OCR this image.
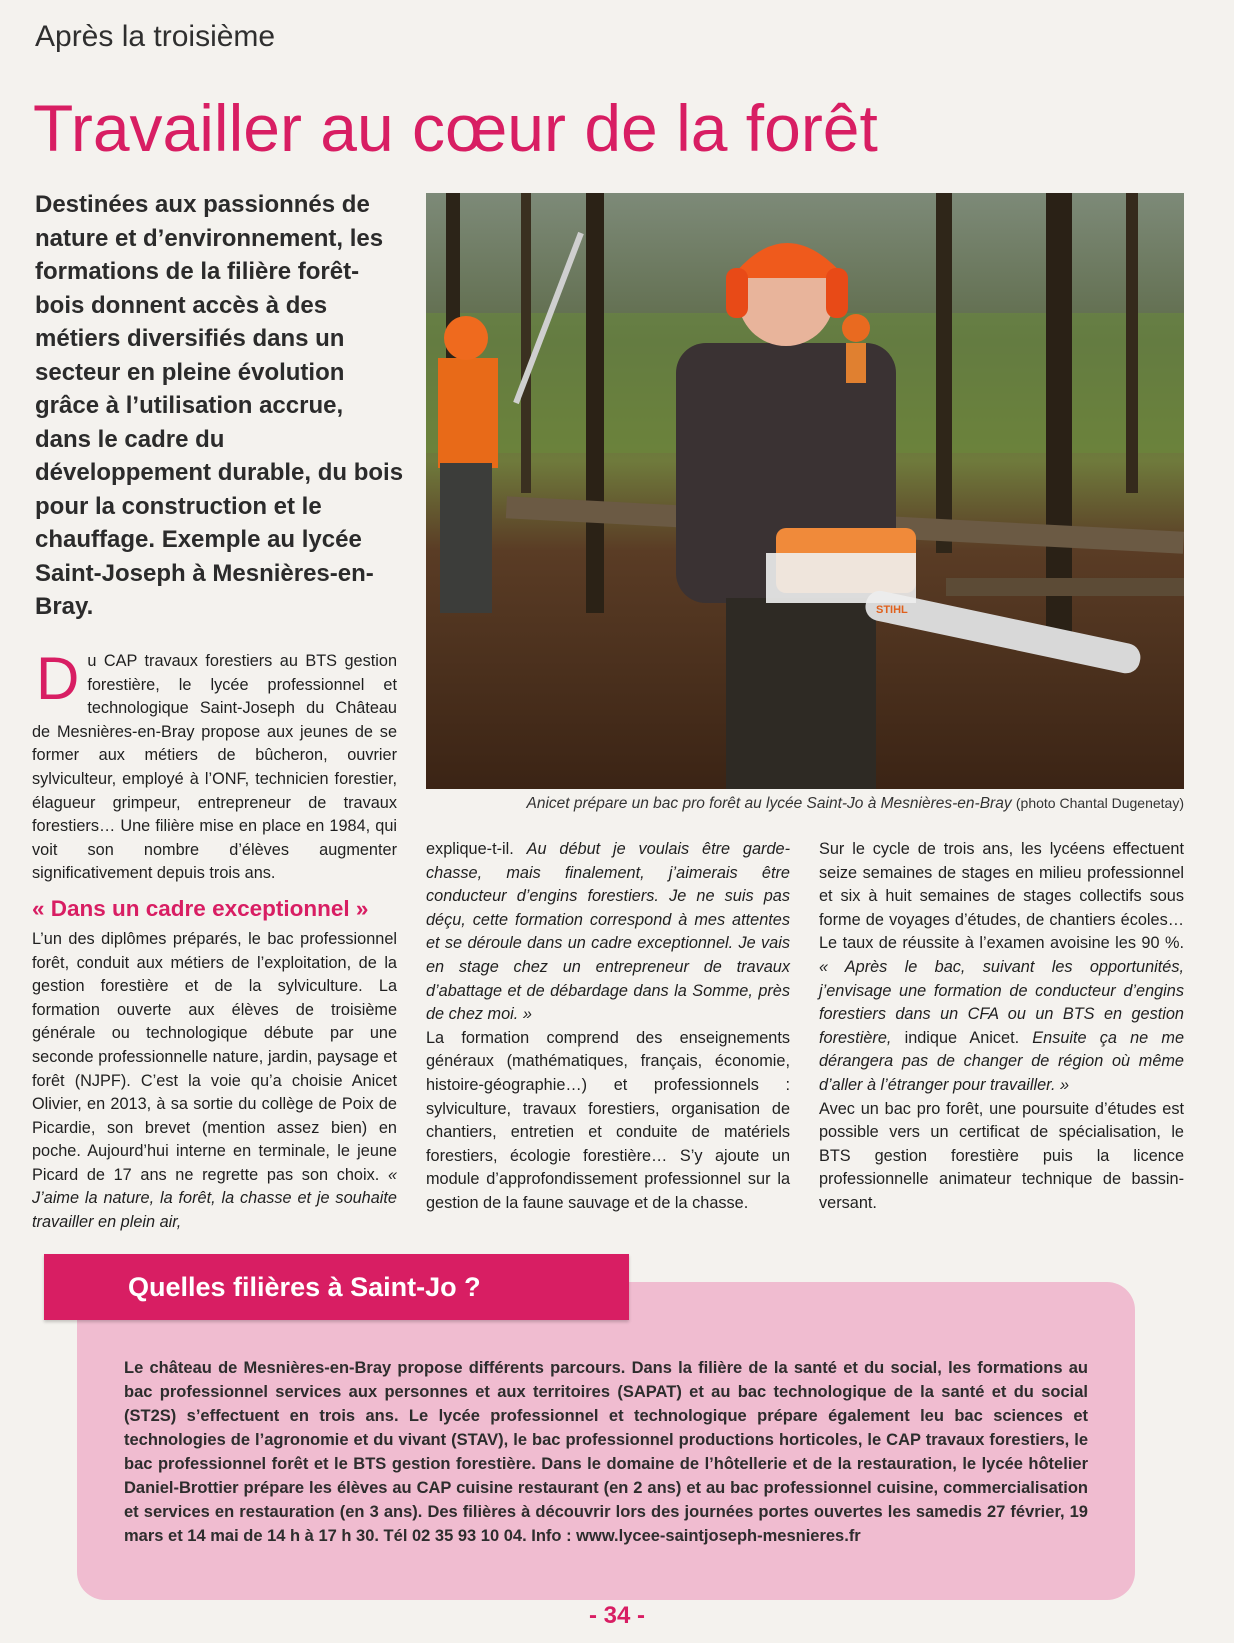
Après la troisième
Travailler au cœur de la forêt
Destinées aux passionnés de nature et d’environnement, les formations de la filière forêt-bois donnent accès à des métiers diversifiés dans un secteur en pleine évolution grâce à l’utilisation accrue, dans le cadre du développement durable, du bois pour la construction et le chauffage. Exemple au lycée Saint-Joseph à Mesnières-en-Bray.	STIHL
Anicet prépare un bac pro forêt au lycée Saint-Jo à Mesnières-en-Bray (photo Chantal Dugenetay)

D u CAP travaux forestiers au BTS gestion forestière, le lycée professionnel et technologique Saint-Joseph du Château de Mesnières-en-Bray propose aux jeunes de se former aux métiers de bûcheron, ouvrier sylviculteur, employé à l’ONF, technicien forestier, élagueur grimpeur, entrepreneur de travaux forestiers… Une filière mise en place en 1984, qui voit son nombre d’élèves augmenter significativement depuis trois ans.

« Dans un cadre exceptionnel »

L’un des diplômes préparés, le bac professionnel forêt, conduit aux métiers de l’exploitation, de la gestion forestière et de la sylviculture. La formation ouverte aux élèves de troisième générale ou technologique débute par une seconde professionnelle nature, jardin, paysage et forêt (NJPF). C’est la voie qu’a choisie Anicet Olivier, en 2013, à sa sortie du collège de Poix de Picardie, son brevet (mention assez bien) en poche. Aujourd’hui interne en terminale, le jeune Picard de 17 ans ne regrette pas son choix. « J’aime la nature, la forêt, la chasse et je souhaite travailler en plein air,

explique-t-il. Au début je voulais être garde-chasse, mais finalement, j’aimerais être conducteur d’engins forestiers. Je ne suis pas déçu, cette formation correspond à mes attentes et se déroule dans un cadre exceptionnel. Je vais en stage chez un entrepreneur de travaux d’abattage et de débardage dans la Somme, près de chez moi. »

La formation comprend des enseignements généraux (mathématiques, français, économie, histoire-géographie…) et professionnels : sylviculture, travaux forestiers, organisation de chantiers, entretien et conduite de matériels forestiers, écologie forestière… S’y ajoute un module d’approfondissement professionnel sur la gestion de la faune sauvage et de la chasse.

Sur le cycle de trois ans, les lycéens effectuent seize semaines de stages en milieu professionnel et six à huit semaines de stages collectifs sous forme de voyages d’études, de chantiers écoles… Le taux de réussite à l’examen avoisine les 90 %. « Après le bac, suivant les opportunités, j’envisage une formation de conducteur d’engins forestiers dans un CFA ou un BTS en gestion forestière, indique Anicet. Ensuite ça ne me dérangera pas de changer de région où même d’aller à l’étranger pour travailler. »

Avec un bac pro forêt, une poursuite d’études est possible vers un certificat de spécialisation, le BTS gestion forestière puis la licence professionnelle animateur technique de bassin-versant.

Quelles filières à Saint-Jo ?
Le château de Mesnières-en-Bray propose différents parcours. Dans la filière de la santé et du social, les formations au bac professionnel services aux personnes et aux territoires (SAPAT) et au bac technologique de la santé et du social (ST2S) s’effectuent en trois ans. Le lycée professionnel et technologique prépare également leu bac sciences et technologies de l’agronomie et du vivant (STAV), le bac professionnel productions horticoles, le CAP travaux forestiers, le bac professionnel forêt et le BTS gestion forestière. Dans le domaine de l’hôtellerie et de la restauration, le lycée hôtelier Daniel-Brottier prépare les élèves au CAP cuisine restaurant (en 2 ans) et au bac professionnel cuisine, commercialisation et services en restauration (en 3 ans). Des filières à découvrir lors des journées portes ouvertes les samedis 27 février, 19 mars et 14 mai de 14 h à 17 h 30. Tél 02 35 93 10 04. Info : www.lycee-saintjoseph-mesnieres.fr
- 34 -
